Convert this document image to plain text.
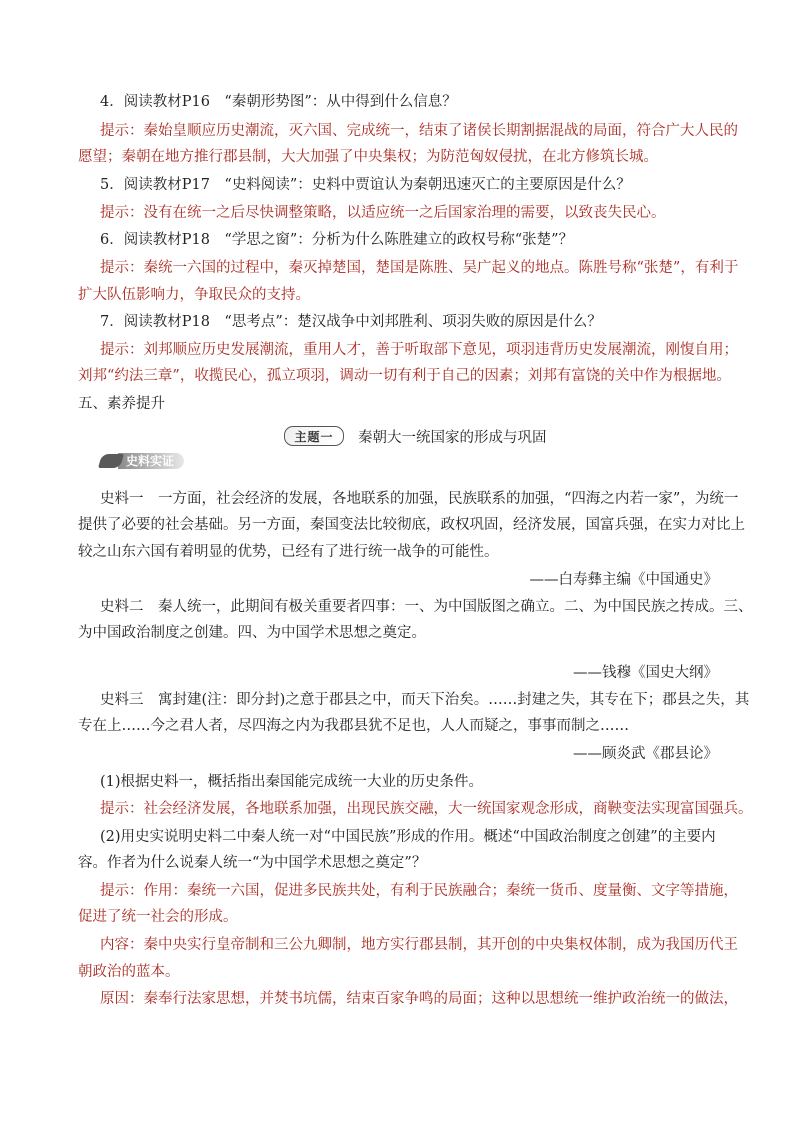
4．阅读教材P16　“秦朝形势图”：从中得到什么信息？
提示：秦始皇顺应历史潮流，灭六国、完成统一，结束了诸侯长期割据混战的局面，符合广大人民的
愿望；秦朝在地方推行郡县制，大大加强了中央集权；为防范匈奴侵扰，在北方修筑长城。
5．阅读教材P17　“史料阅读”：史料中贾谊认为秦朝迅速灭亡的主要原因是什么？
提示：没有在统一之后尽快调整策略，以适应统一之后国家治理的需要，以致丧失民心。
6．阅读教材P18　“学思之窗”：分析为什么陈胜建立的政权号称“张楚”？
提示：秦统一六国的过程中，秦灭掉楚国，楚国是陈胜、吴广起义的地点。陈胜号称“张楚”，有利于
扩大队伍影响力，争取民众的支持。
7．阅读教材P18　“思考点”：楚汉战争中刘邦胜利、项羽失败的原因是什么？
提示：刘邦顺应历史发展潮流，重用人才，善于听取部下意见，项羽违背历史发展潮流，刚愎自用；
刘邦“约法三章”，收揽民心，孤立项羽，调动一切有利于自己的因素；刘邦有富饶的关中作为根据地。
五、素养提升
主题一	秦朝大一统国家的形成与巩固
史料实证
史料一　一方面，社会经济的发展，各地联系的加强，民族联系的加强，“四海之内若一家”，为统一
提供了必要的社会基础。另一方面，秦国变法比较彻底，政权巩固，经济发展，国富兵强，在实力对比上
较之山东六国有着明显的优势，已经有了进行统一战争的可能性。
——白寿彝主编《中国通史》
史料二　秦人统一，此期间有极关重要者四事：一、为中国版图之确立。二、为中国民族之抟成。三、
为中国政治制度之创建。四、为中国学术思想之奠定。
——钱穆《国史大纲》
史料三　寓封建(注：即分封)之意于郡县之中，而天下治矣。……封建之失，其专在下；郡县之失，其
专在上……今之君人者，尽四海之内为我郡县犹不足也，人人而疑之，事事而制之……
——顾炎武《郡县论》
(1)根据史料一，概括指出秦国能完成统一大业的历史条件。
提示：社会经济发展，各地联系加强，出现民族交融，大一统国家观念形成，商鞅变法实现富国强兵。
(2)用史实说明史料二中秦人统一对“中国民族”形成的作用。概述“中国政治制度之创建”的主要内
容。作者为什么说秦人统一“为中国学术思想之奠定”？
提示：作用：秦统一六国，促进多民族共处，有利于民族融合；秦统一货币、度量衡、文字等措施，
促进了统一社会的形成。
内容：秦中央实行皇帝制和三公九卿制，地方实行郡县制，其开创的中央集权体制，成为我国历代王
朝政治的蓝本。
原因：秦奉行法家思想，并焚书坑儒，结束百家争鸣的局面；这种以思想统一维护政治统一的做法，
